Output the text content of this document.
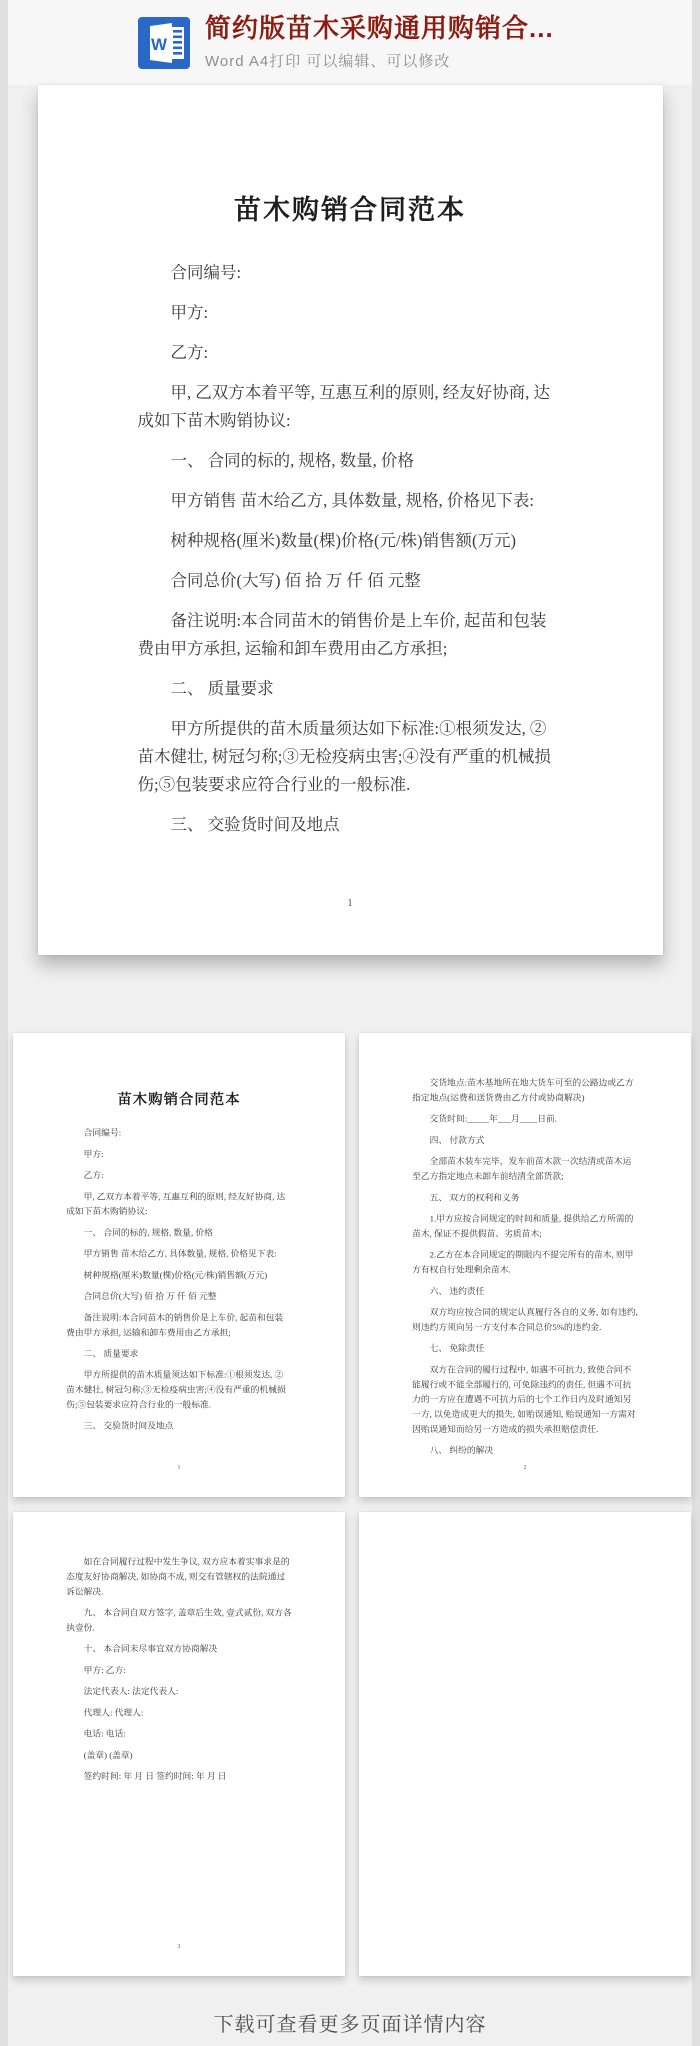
W
简约版苗木采购通用购销合...
Word A4打印 可以编辑、可以修改
苗木购销合同范本

合同编号:

甲方:

乙方:

甲, 乙双方本着平等, 互惠互利的原则, 经友好协商, 达成如下苗木购销协议:

一、 合同的标的, 规格, 数量, 价格

甲方销售 苗木给乙方, 具体数量, 规格, 价格见下表:

树种规格(厘米)数量(棵)价格(元/株)销售额(万元)

合同总价(大写) 佰 拾 万 仟 佰 元整

备注说明:本合同苗木的销售价是上车价, 起苗和包装费由甲方承担, 运输和卸车费用由乙方承担;

二、 质量要求

甲方所提供的苗木质量须达如下标准:①根须发达, ②苗木健壮, 树冠匀称;③无检疫病虫害;④没有严重的机械损伤;⑤包装要求应符合行业的一般标准.

三、 交验货时间及地点

1
苗木购销合同范本

合同编号:

甲方:

乙方:

甲, 乙双方本着平等, 互惠互利的原则, 经友好协商, 达成如下苗木购销协议:

一、 合同的标的, 规格, 数量, 价格

甲方销售 苗木给乙方, 具体数量, 规格, 价格见下表:

树种规格(厘米)数量(棵)价格(元/株)销售额(万元)

合同总价(大写) 佰 拾 万 仟 佰 元整

备注说明:本合同苗木的销售价是上车价, 起苗和包装费由甲方承担, 运输和卸车费用由乙方承担;

二、 质量要求

甲方所提供的苗木质量须达如下标准:①根须发达, ②苗木健壮, 树冠匀称;③无检疫病虫害;④没有严重的机械损伤;⑤包装要求应符合行业的一般标准.

三、 交验货时间及地点

1

交货地点:苗木基地所在地大货车可至的公路边或乙方指定地点(运费和送货费由乙方付或协商解决)

交货时间:_____年___月____日前.

四、 付款方式

全部苗木装车完毕，发车前苗木款一次结清或苗木运至乙方指定地点未卸车前结清全部货款;

五、 双方的权利和义务

1.甲方应按合同规定的时间和质量, 提供给乙方所需的苗木, 保证不提供假苗、劣质苗木;

2.乙方在本合同规定的期限内不提完所有的苗木, 则甲方有权自行处理剩余苗木.

六、 违约责任

双方均应按合同的规定认真履行各自的义务, 如有违约, 则违约方须向另一方支付本合同总价5%的违约金.

七、 免除责任

双方在合同的履行过程中, 如遇不可抗力, 致使合同不能履行或不能全部履行的, 可免除违约的责任, 但遇不可抗力的一方应在遭遇不可抗力后的七个工作日内及时通知另一方, 以免造成更大的损失, 如贻误通知, 贻误通知一方需对因贻误通知而给另一方造成的损失承担赔偿责任.

八、 纠纷的解决

2

如在合同履行过程中发生争议, 双方应本着实事求是的态度友好协商解决, 如协商不成, 则交有管辖权的法院通过诉讼解决.

九、 本合同自双方签字, 盖章后生效, 壹式贰份, 双方各执壹份.

十、 本合同未尽事宜双方协商解决

甲方: 乙方:

法定代表人: 法定代表人:

代理人: 代理人:

电话: 电话:

(盖章) (盖章)

签约时间: 年 月 日 签约时间: 年 月 日

3
下载可查看更多页面详情内容
